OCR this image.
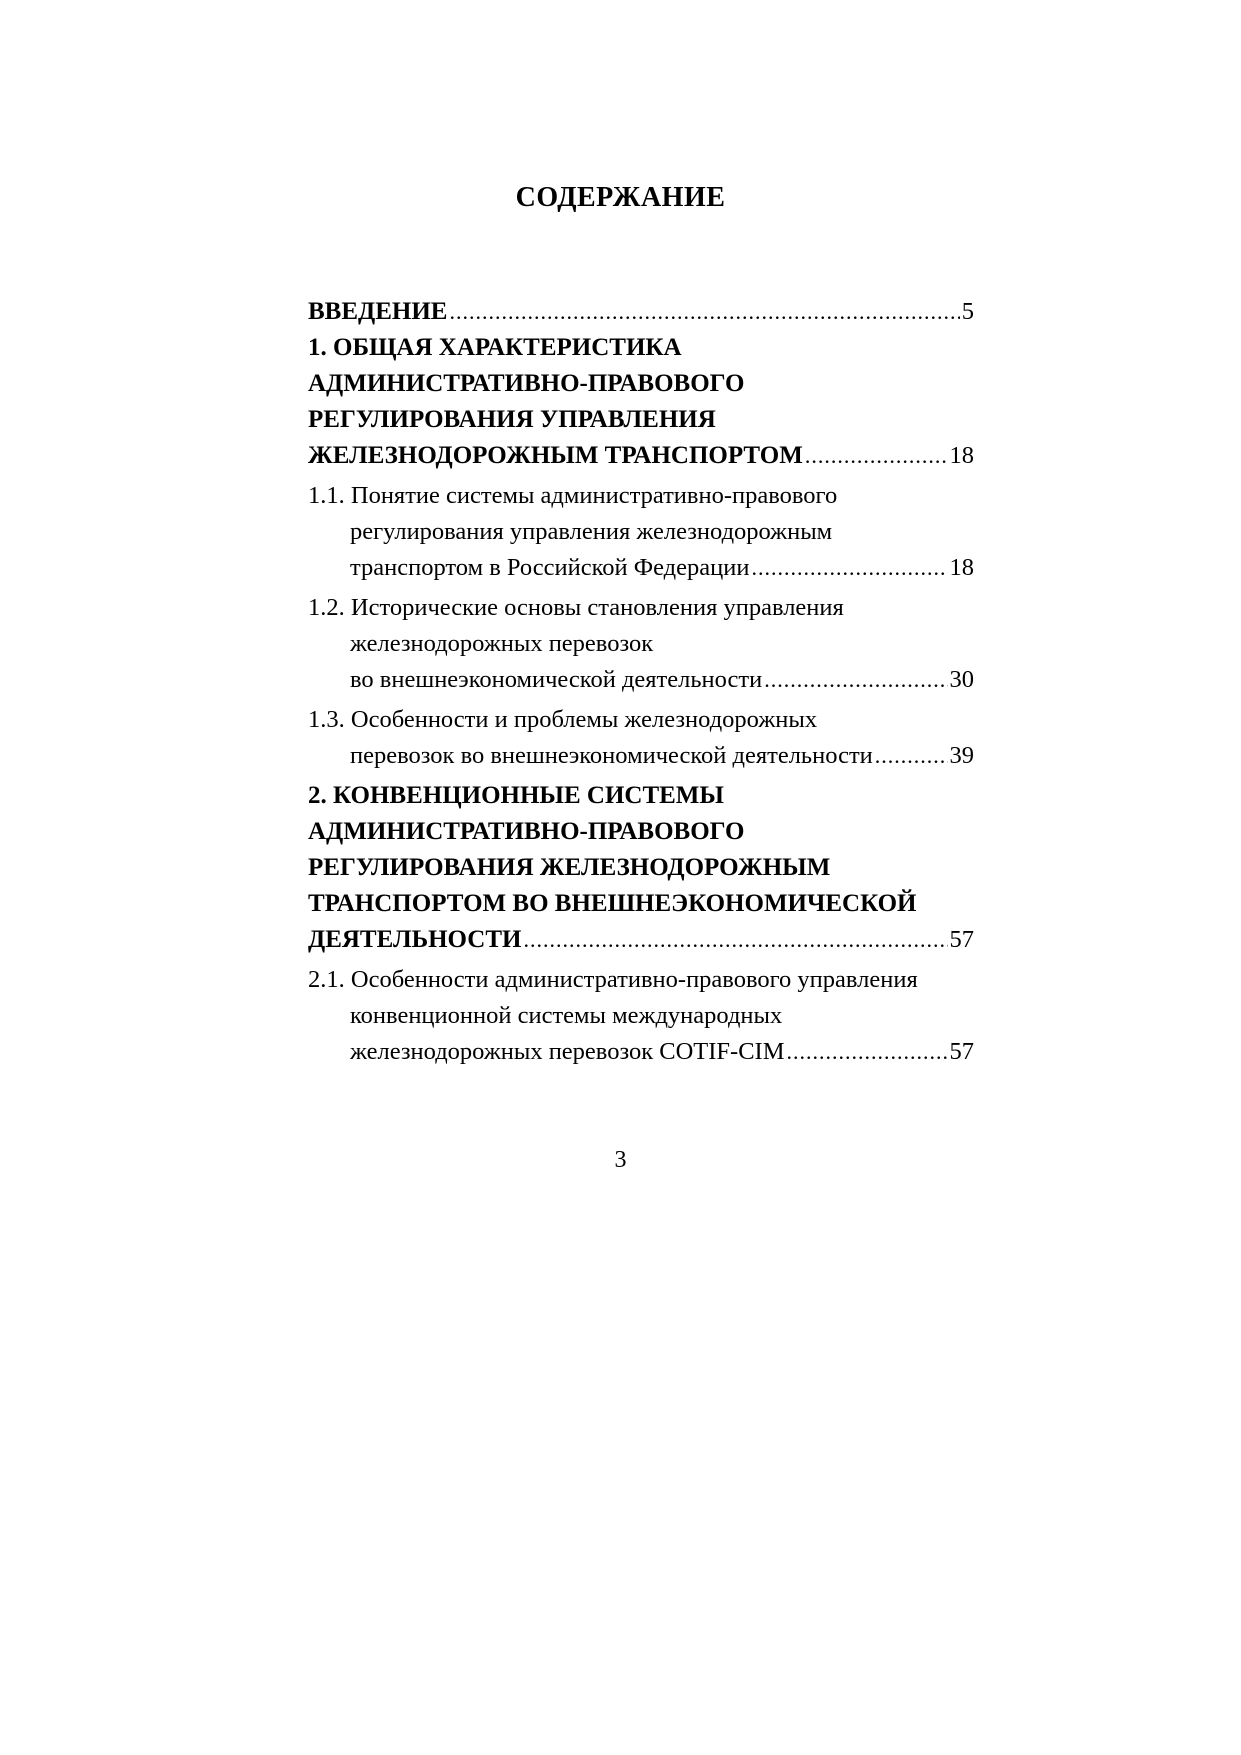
СОДЕРЖАНИЕ
ВВЕДЕНИЕ .....	5
1. ОБЩАЯ ХАРАКТЕРИСТИКА
АДМИНИСТРАТИВНО-ПРАВОВОГО
РЕГУЛИРОВАНИЯ УПРАВЛЕНИЯ
ЖЕЛЕЗНОДОРОЖНЫМ ТРАНСПОРТОМ .....	18
1.1. Понятие системы административно-правового
регулирования управления железнодорожным
транспортом в Российской Федерации .....	18
1.2. Исторические основы становления управления
железнодорожных перевозок
во внешнеэкономической деятельности .....	30
1.3. Особенности и проблемы железнодорожных
перевозок во внешнеэкономической деятельности .....	39
2. КОНВЕНЦИОННЫЕ СИСТЕМЫ
АДМИНИСТРАТИВНО-ПРАВОВОГО
РЕГУЛИРОВАНИЯ ЖЕЛЕЗНОДОРОЖНЫМ
ТРАНСПОРТОМ ВО ВНЕШНЕЭКОНОМИЧЕСКОЙ
ДЕЯТЕЛЬНОСТИ .....	57
2.1. Особенности административно-правового управления
конвенционной системы международных
железнодорожных перевозок COTIF-CIM .....	57
3
